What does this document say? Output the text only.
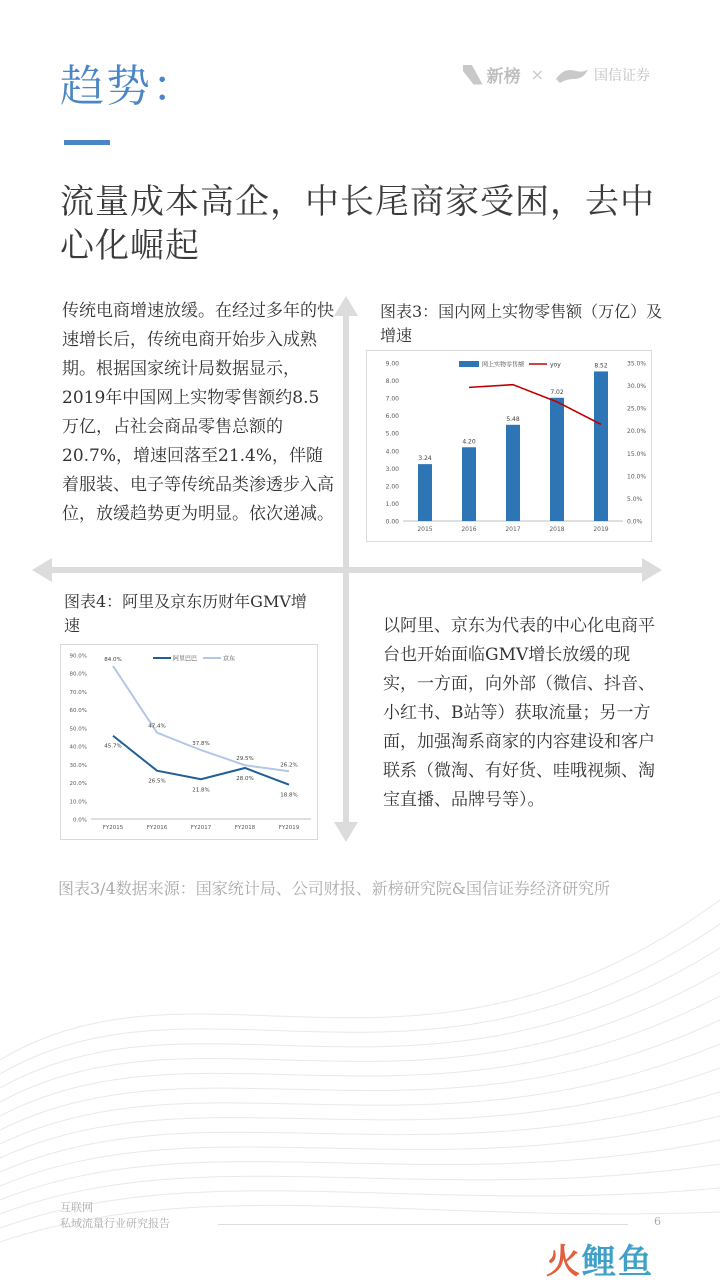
趋势：	新榜 ×	国信证券
流量成本高企，中长尾商家受困，去中心化崛起
传统电商增速放缓。在经过多年的快速增长后，传统电商开始步入成熟期。根据国家统计局数据显示，2019年中国网上实物零售额约8.5万亿，占社会商品零售总额的20.7%，增速回落至21.4%，伴随着服装、电子等传统品类渗透步入高位，放缓趋势更为明显。依次递减。
图表3：国内网上实物零售额（万亿）及增速
0.00
1.00
2.00
3.00
4.00
5.00
6.00
7.00
8.00
9.00
0.0%
5.0%
10.0%
15.0%
20.0%
25.0%
30.0%
35.0%
3.24
2015
4.20
2016
5.48
2017
7.02
2018
8.52
2019
网上实物零售额	yoy
图表4：阿里及京东历财年GMV增速
0.0%
10.0%
20.0%
30.0%
40.0%
50.0%
60.0%
70.0%
80.0%
90.0%
FY2015	FY2016	FY2017	FY2018	FY2019
45.7%
26.5%
21.8%
28.0%
18.8%
84.0%
47.4%
37.8%
29.5%
26.2%
阿里巴巴	京东
以阿里、京东为代表的中心化电商平台也开始面临GMV增长放缓的现实，一方面，向外部（微信、抖音、小红书、B站等）获取流量；另一方面，加强淘系商家的内容建设和客户联系（微淘、有好货、哇哦视频、淘宝直播、品牌号等）。
图表3/4数据来源：国家统计局、公司财报、新榜研究院&国信证券经济研究所
互联网
私域流量行业研究报告	6
火鲤鱼
